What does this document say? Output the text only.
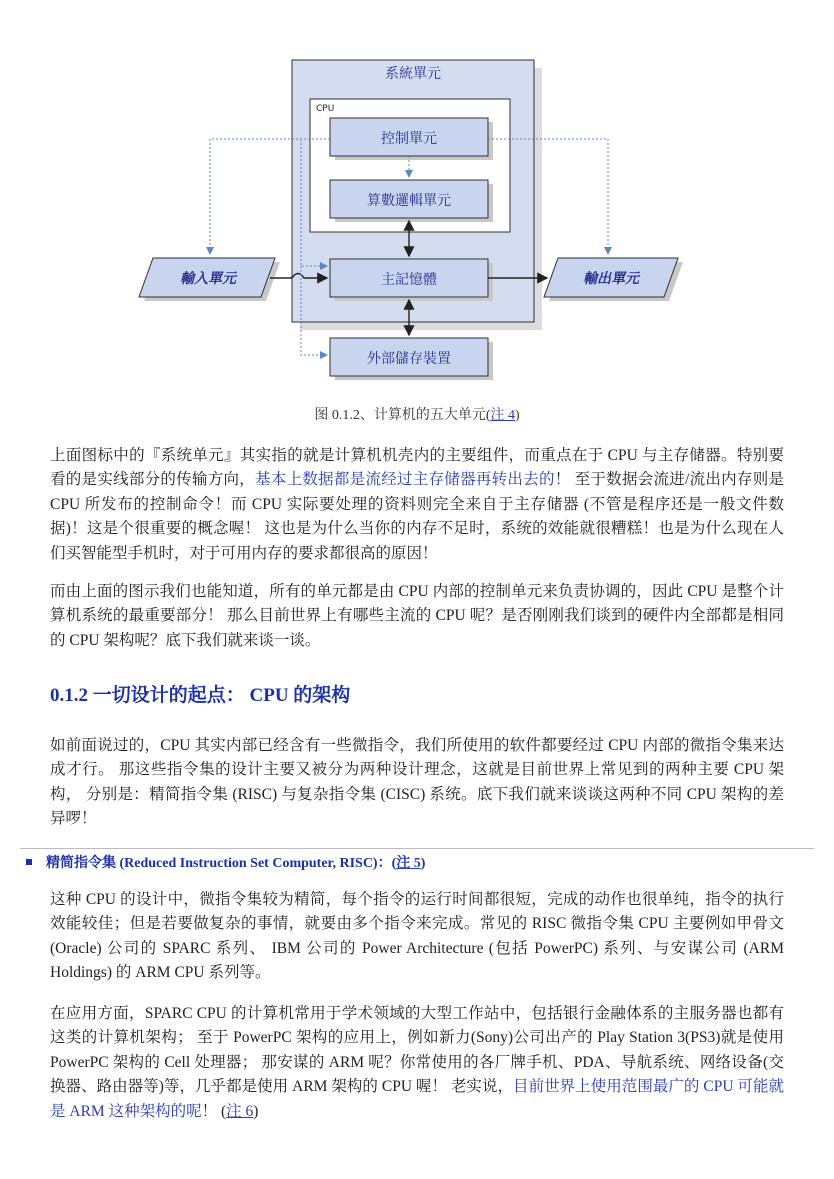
系統單元
CPU
控制單元
算數邏輯單元
主記憶體
外部儲存裝置
輸入單元	輸出單元
图 0.1.2、计算机的五大单元(注 4)

上面图标中的『系统单元』其实指的就是计算机机壳内的主要组件，而重点在于 CPU 与主存储器。特别要看的是实线部分的传输方向，基本上数据都是流经过主存储器再转出去的！ 至于数据会流进/流出内存则是 CPU 所发布的控制命令！而 CPU 实际要处理的资料则完全来自于主存储器 (不管是程序还是一般文件数据)！这是个很重要的概念喔！ 这也是为什么当你的内存不足时，系统的效能就很糟糕！也是为什么现在人们买智能型手机时，对于可用内存的要求都很高的原因！

而由上面的图示我们也能知道，所有的单元都是由 CPU 内部的控制单元来负责协调的，因此 CPU 是整个计算机系统的最重要部分！ 那么目前世界上有哪些主流的 CPU 呢？是否刚刚我们谈到的硬件内全部都是相同的 CPU 架构呢？底下我们就来谈一谈。

0.1.2 一切设计的起点： CPU 的架构

如前面说过的，CPU 其实内部已经含有一些微指令，我们所使用的软件都要经过 CPU 内部的微指令集来达成才行。 那这些指令集的设计主要又被分为两种设计理念，这就是目前世界上常见到的两种主要 CPU 架构， 分别是：精简指令集 (RISC) 与复杂指令集 (CISC) 系统。底下我们就来谈谈这两种不同 CPU 架构的差异啰！

精简指令集 (Reduced Instruction Set Computer, RISC)：(注 5)

这种 CPU 的设计中，微指令集较为精简，每个指令的运行时间都很短，完成的动作也很单纯，指令的执行效能较佳；但是若要做复杂的事情，就要由多个指令来完成。常见的 RISC 微指令集 CPU 主要例如甲骨文 (Oracle) 公司的 SPARC 系列、 IBM 公司的 Power Architecture (包括 PowerPC) 系列、与安谋公司 (ARM Holdings) 的 ARM CPU 系列等。

在应用方面，SPARC CPU 的计算机常用于学术领域的大型工作站中，包括银行金融体系的主服务器也都有这类的计算机架构； 至于 PowerPC 架构的应用上，例如新力(Sony)公司出产的 Play Station 3(PS3)就是使用 PowerPC 架构的 Cell 处理器； 那安谋的 ARM 呢？你常使用的各厂牌手机、PDA、导航系统、网络设备(交换器、路由器等)等，几乎都是使用 ARM 架构的 CPU 喔！ 老实说，目前世界上使用范围最广的 CPU 可能就是 ARM 这种架构的呢！ (注 6)
